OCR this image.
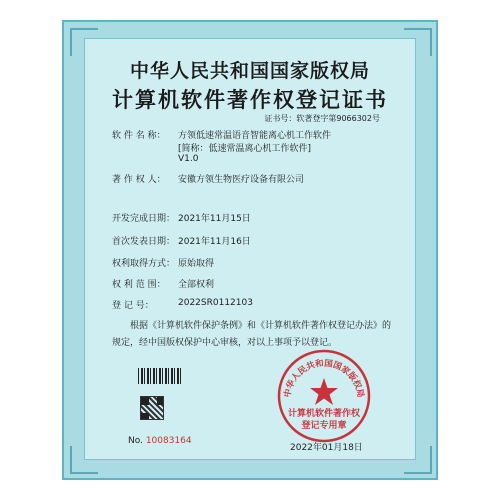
中华人民共和国国家版权局
计算机软件著作权登记证书
证书号：软著登字第9066302号
软 件 名 称： 方领低速常温语音智能离心机工作软件
[简称：低速常温离心机工作软件]
V1.0
著 作 权 人： 安徽方领生物医疗设备有限公司
开发完成日期： 2021年11月15日
首次发表日期： 2021年11月16日
权利取得方式： 原始取得
权 利 范 围： 全部权利
登 记 号：	2022SR0112103
根据《计算机软件保护条例》和《计算机软件著作权登记办法》的
规定，经中国版权保护中心审核，对以上事项予以登记。
No. 10083164
中华人民共和国国家版权局
计算机软件著作权
登记专用章
2022年01月18日
